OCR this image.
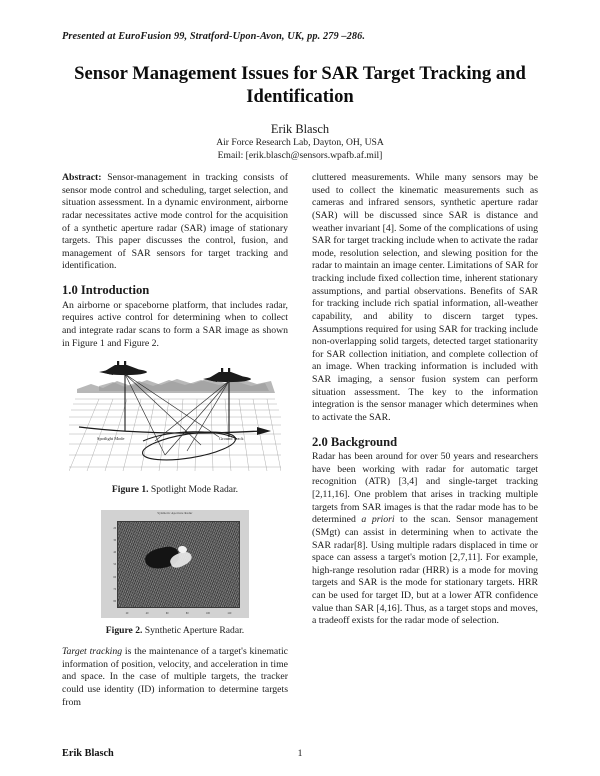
Presented at EuroFusion 99, Stratford-Upon-Avon, UK, pp. 279 –286.
Sensor Management Issues for SAR Target Tracking and Identification
Erik Blasch
Air Force Research Lab, Dayton, OH, USA
Email: [erik.blasch@sensors.wpafb.af.mil]

Abstract: Sensor-management in tracking consists of sensor mode control and scheduling, target selection, and situation assessment. In a dynamic environment, airborne radar necessitates active mode control for the acquisition of a synthetic aperture radar (SAR) image of stationary targets. This paper discusses the control, fusion, and management of SAR sensors for target tracking and identification.

1.0 Introduction

An airborne or spaceborne platform, that includes radar, requires active control for determining when to collect and integrate radar scans to form a SAR image as shown in Figure 1 and Figure 2.

Spotlight Mode	Ground Track
Figure 1. Spotlight Mode Radar.
Synthetic Aperture Radar
20
30
40
50
60
70
80
20	40	60	80	100	120
Figure 2. Synthetic Aperture Radar.

Target tracking is the maintenance of a target's kinematic information of position, velocity, and acceleration in time and space. In the case of multiple targets, the tracker could use identity (ID) information to determine targets from

cluttered measurements. While many sensors may be used to collect the kinematic measurements such as cameras and infrared sensors, synthetic aperture radar (SAR) will be discussed since SAR is distance and weather invariant [4]. Some of the complications of using SAR for target tracking include when to activate the radar mode, resolution selection, and slewing position for the radar to maintain an image center. Limitations of SAR for tracking include fixed collection time, inherent stationary assumptions, and partial observations. Benefits of SAR for tracking include rich spatial information, all-weather capability, and ability to discern target types. Assumptions required for using SAR for tracking include non-overlapping solid targets, detected target stationarity for SAR collection initiation, and complete collection of an image. When tracking information is included with SAR imaging, a sensor fusion system can perform situation assessment. The key to the information integration is the sensor manager which determines when to activate the SAR.

2.0 Background

Radar has been around for over 50 years and researchers have been working with radar for automatic target recognition (ATR) [3,4] and single-target tracking [2,11,16]. One problem that arises in tracking multiple targets from SAR images is that the radar mode has to be determined a priori to the scan. Sensor management (SMgt) can assist in determining when to activate the SAR radar[8]. Using multiple radars displaced in time or space can assess a target's motion [2,7,11]. For example, high-range resolution radar (HRR) is a mode for moving targets and SAR is the mode for stationary targets. HRR can be used for target ID, but at a lower ATR confidence value than SAR [4,16]. Thus, as a target stops and moves, a tradeoff exists for the radar mode of selection.

Erik Blasch	1
